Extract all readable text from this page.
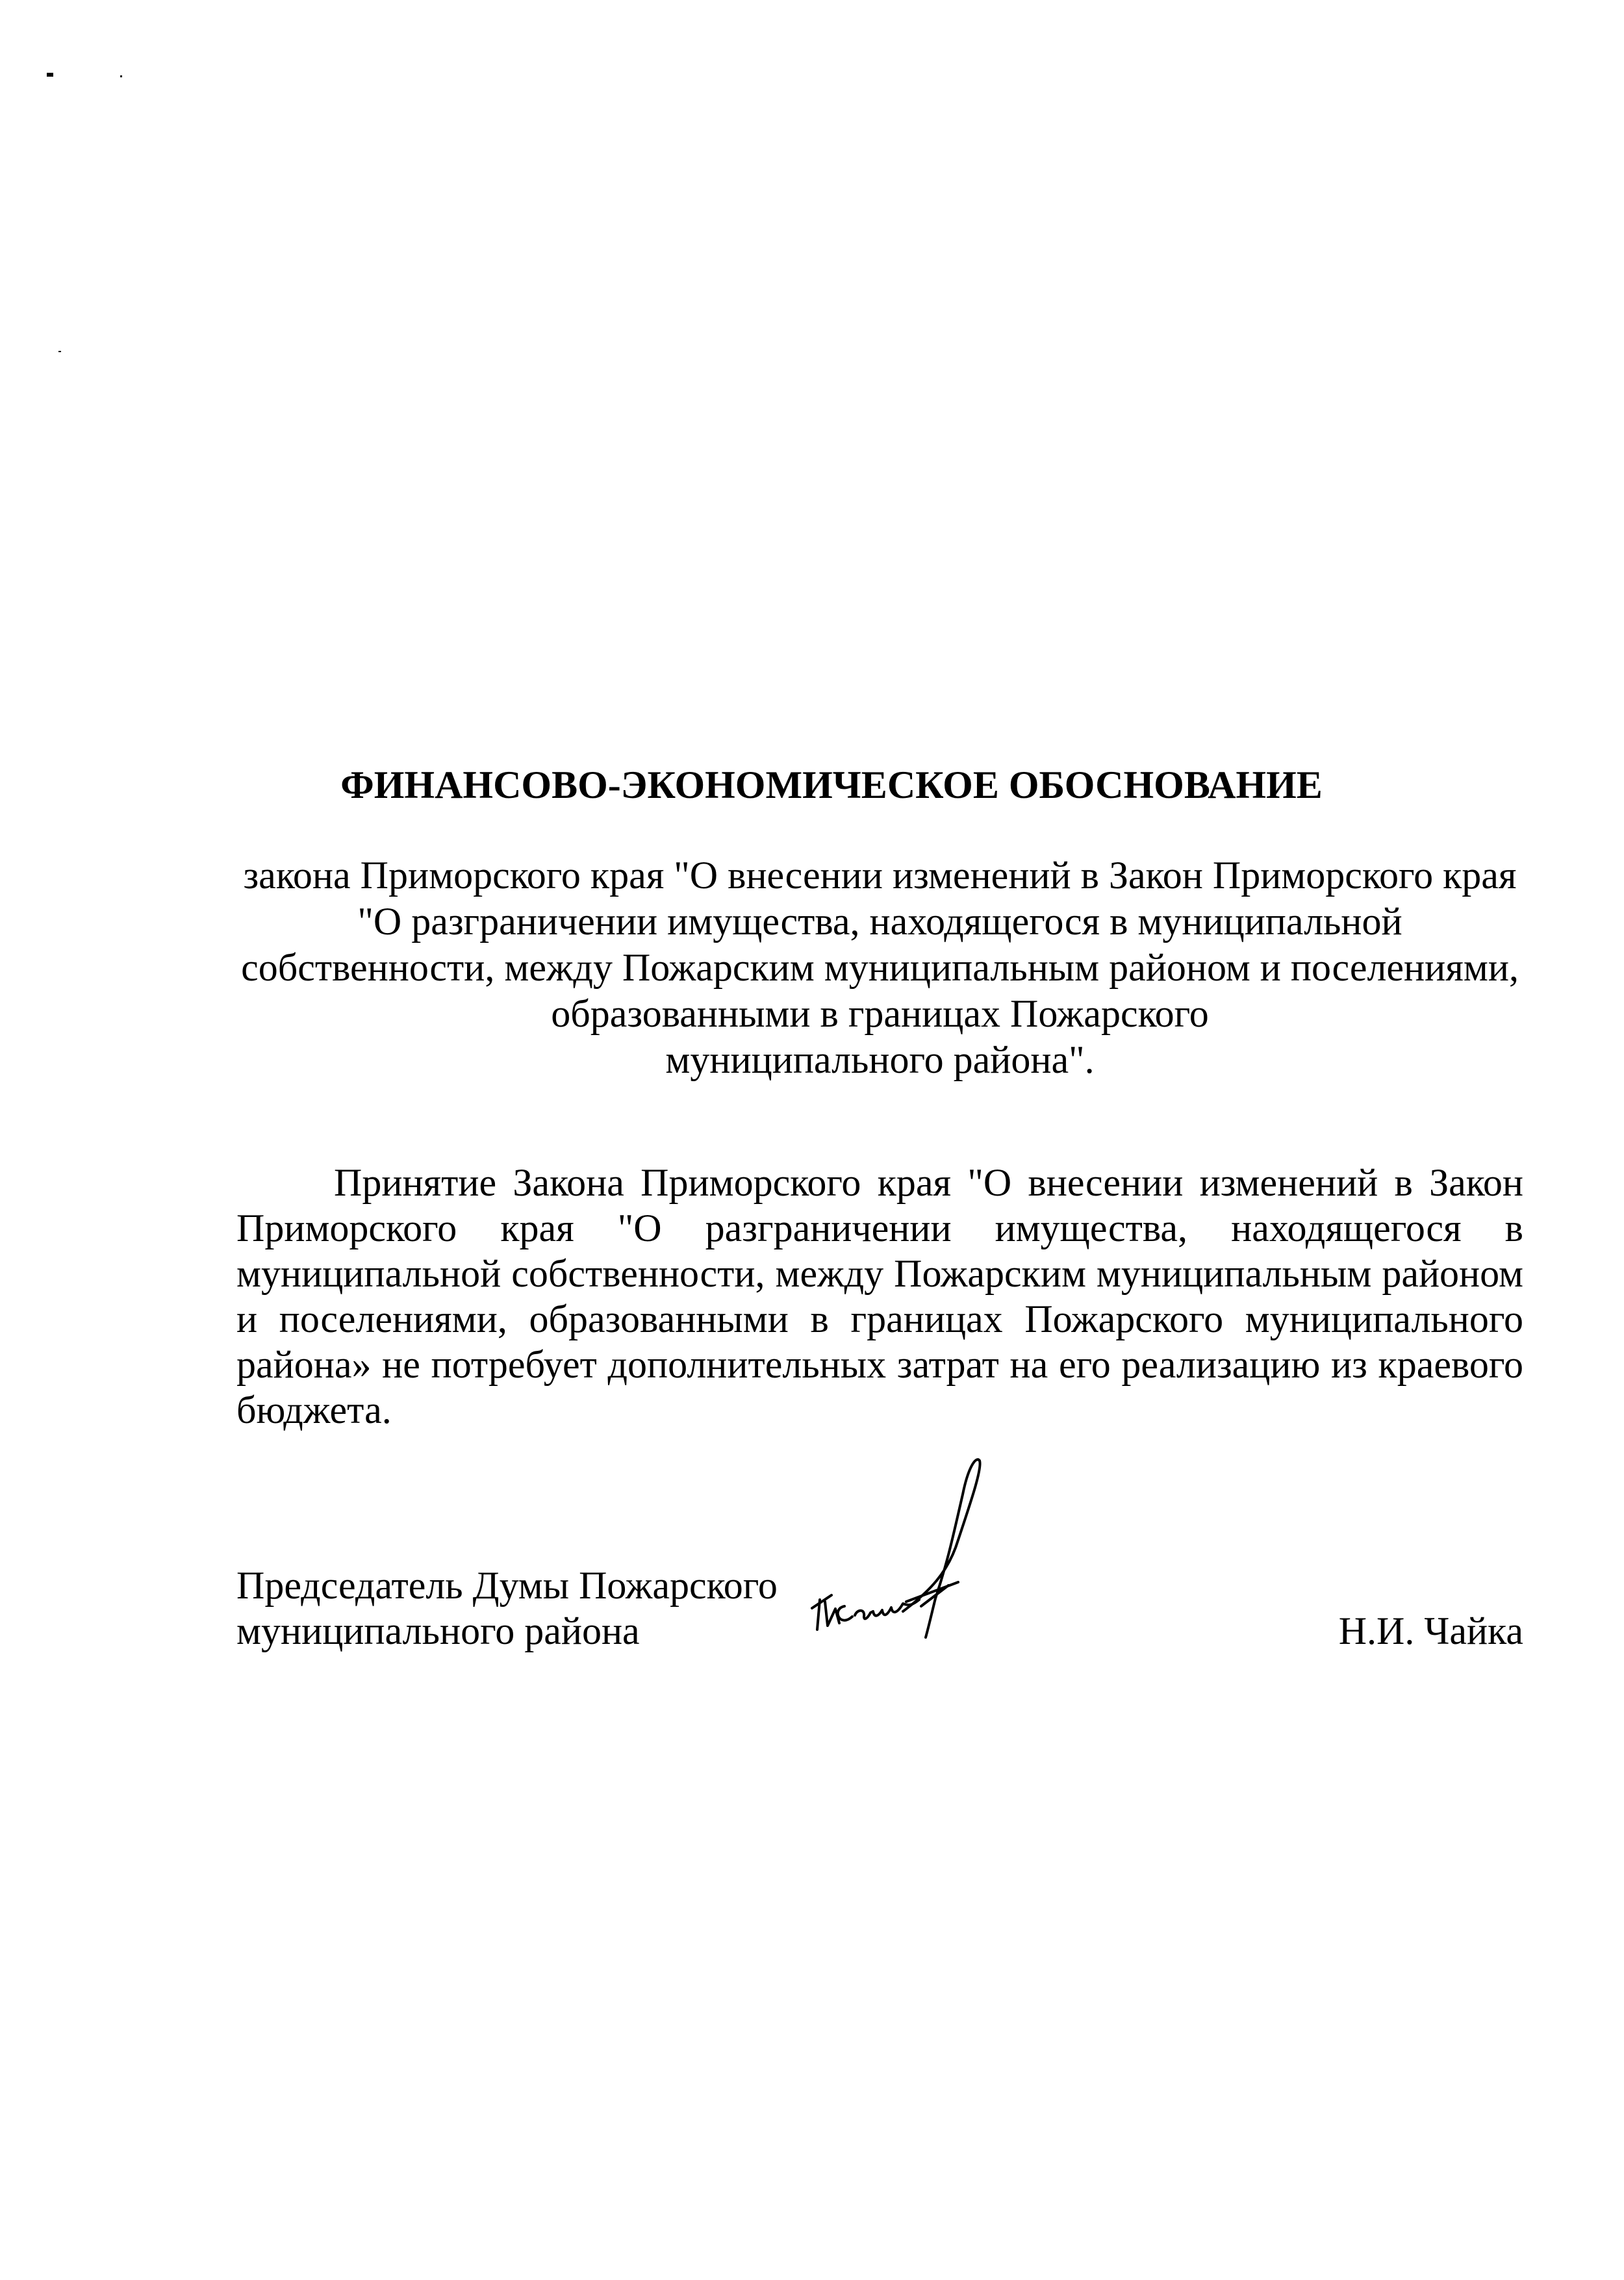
ФИНАНСОВО-ЭКОНОМИЧЕСКОЕ ОБОСНОВАНИЕ
закона Приморского края "О внесении изменений в Закон Приморского края
"О разграничении имущества, находящегося в муниципальной
собственности, между Пожарским муниципальным районом и поселениями,
образованными в границах Пожарского
муниципального района".
Принятие Закона Приморского края "О внесении изменений в Закон
Приморского края "О разграничении имущества, находящегося в
муниципальной собственности, между Пожарским муниципальным районом
и поселениями, образованными в границах Пожарского муниципального
района» не потребует дополнительных затрат на его реализацию из краевого
бюджета.
Председатель Думы Пожарского
муниципального района	Н.И. Чайка
